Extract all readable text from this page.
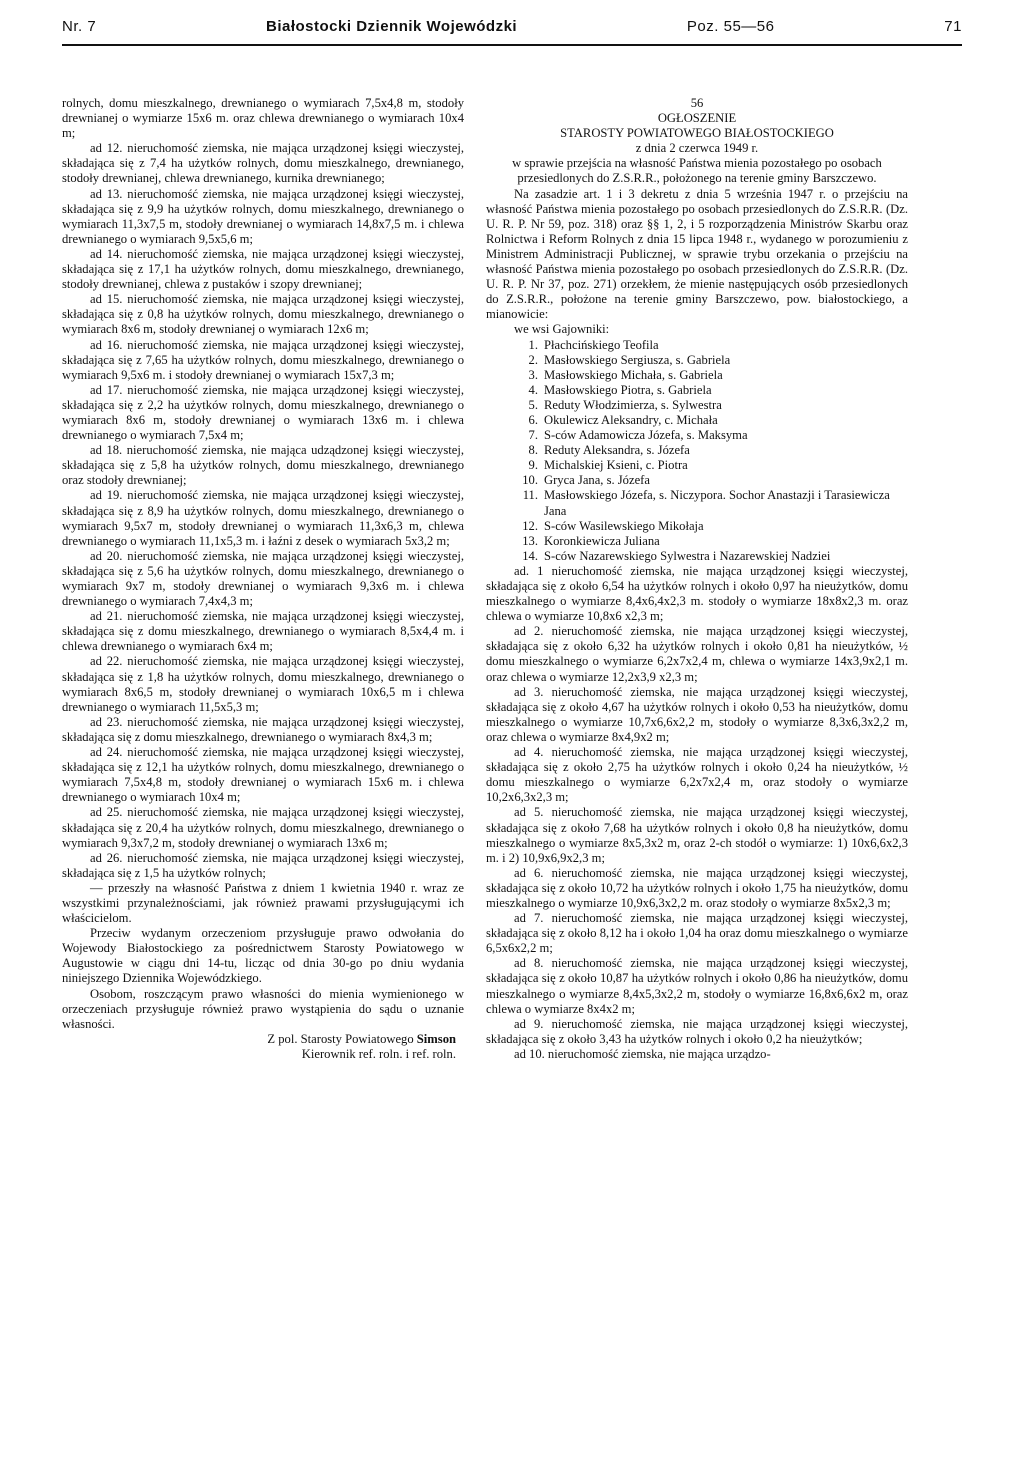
Nr. 7	Białostocki Dziennik Wojewódzki	Poz. 55—56	71

rolnych, domu mieszkalnego, drewnianego o wymiarach 7,5x4,8 m, stodoły drewnianej o wymiarze 15x6 m. oraz chlewa drewnianego o wymiarach 10x4 m;

ad 12. nieruchomość ziemska, nie mająca urządzonej księgi wieczystej, składająca się z 7,4 ha użytków rolnych, domu mieszkalnego, drewnianego, stodoły drewnianej, chlewa drewnianego, kurnika drewnianego;

ad 13. nieruchomość ziemska, nie mająca urządzonej księgi wieczystej, składająca się z 9,9 ha użytków rolnych, domu mieszkalnego, drewnianego o wymiarach 11,3x7,5 m, stodoły drewnianej o wymiarach 14,8x7,5 m. i chlewa drewnianego o wymiarach 9,5x5,6 m;

ad 14. nieruchomość ziemska, nie mająca urządzonej księgi wieczystej, składająca się z 17,1 ha użytków rolnych, domu mieszkalnego, drewnianego, stodoły drewnianej, chlewa z pustaków i szopy drewnianej;

ad 15. nieruchomość ziemska, nie mająca urządzonej księgi wieczystej, składająca się z 0,8 ha użytków rolnych, domu mieszkalnego, drewnianego o wymiarach 8x6 m, stodoły drewnianej o wymiarach 12x6 m;

ad 16. nieruchomość ziemska, nie mająca urządzonej księgi wieczystej, składająca się z 7,65 ha użytków rolnych, domu mieszkalnego, drewnianego o wymiarach 9,5x6 m. i stodoły drewnianej o wymiarach 15x7,3 m;

ad 17. nieruchomość ziemska, nie mająca urządzonej księgi wieczystej, składająca się z 2,2 ha użytków rolnych, domu mieszkalnego, drewnianego o wymiarach 8x6 m, stodoły drewnianej o wymiarach 13x6 m. i chlewa drewnianego o wymiarach 7,5x4 m;

ad 18. nieruchomość ziemska, nie mająca udządzonej księgi wieczystej, składająca się z 5,8 ha użytków rolnych, domu mieszkalnego, drewnianego oraz stodoły drewnianej;

ad 19. nieruchomość ziemska, nie mająca urządzonej księgi wieczystej, składająca się z 8,9 ha użytków rolnych, domu mieszkalnego, drewnianego o wymiarach 9,5x7 m, stodoły drewnianej o wymiarach 11,3x6,3 m, chlewa drewnianego o wymiarach 11,1x5,3 m. i łaźni z desek o wymiarach 5x3,2 m;

ad 20. nieruchomość ziemska, nie mająca urządzonej księgi wieczystej, składająca się z 5,6 ha użytków rolnych, domu mieszkalnego, drewnianego o wymiarach 9x7 m, stodoły drewnianej o wymiarach 9,3x6 m. i chlewa drewnianego o wymiarach 7,4x4,3 m;

ad 21. nieruchomość ziemska, nie mająca urządzonej księgi wieczystej, składająca się z domu mieszkalnego, drewnianego o wymiarach 8,5x4,4 m. i chlewa drewnianego o wymiarach 6x4 m;

ad 22. nieruchomość ziemska, nie mająca urządzonej księgi wieczystej, składająca się z 1,8 ha użytków rolnych, domu mieszkalnego, drewnianego o wymiarach 8x6,5 m, stodoły drewnianej o wymiarach 10x6,5 m i chlewa drewnianego o wymiarach 11,5x5,3 m;

ad 23. nieruchomość ziemska, nie mająca urządzonej księgi wieczystej, składająca się z domu mieszkalnego, drewnianego o wymiarach 8x4,3 m;

ad 24. nieruchomość ziemska, nie mająca urządzonej księgi wieczystej, składająca się z 12,1 ha użytków rolnych, domu mieszkalnego, drewnianego o wymiarach 7,5x4,8 m, stodoły drewnianej o wymiarach 15x6 m. i chlewa drewnianego o wymiarach 10x4 m;

ad 25. nieruchomość ziemska, nie mająca urządzonej księgi wieczystej, składająca się z 20,4 ha użytków rolnych, domu mieszkalnego, drewnianego o wymiarach 9,3x7,2 m, stodoły drewnianej o wymiarach 13x6 m;

ad 26. nieruchomość ziemska, nie mająca urządzonej księgi wieczystej, składająca się z 1,5 ha użytków rolnych;

— przeszły na własność Państwa z dniem 1 kwietnia 1940 r. wraz ze wszystkimi przynależnościami, jak również prawami przysługującymi ich właścicielom.

Przeciw wydanym orzeczeniom przysługuje prawo odwołania do Wojewody Białostockiego za pośrednictwem Starosty Powiatowego w Augustowie w ciągu dni 14-tu, licząc od dnia 30-go po dniu wydania niniejszego Dziennika Wojewódzkiego.

Osobom, roszczącym prawo własności do mienia wymienionego w orzeczeniach przysługuje również prawo wystąpienia do sądu o uznanie własności.

Z pol. Starosty Powiatowego Simson

Kierownik ref. roln. i ref. roln.

56

OGŁOSZENIE

STAROSTY POWIATOWEGO BIAŁOSTOCKIEGO

z dnia 2 czerwca 1949 r.

w sprawie przejścia na własność Państwa mienia pozostałego po osobach przesiedlonych do Z.S.R.R., położonego na terenie gminy Barszczewo.

Na zasadzie art. 1 i 3 dekretu z dnia 5 września 1947 r. o przejściu na własność Państwa mienia pozostałego po osobach przesiedlonych do Z.S.R.R. (Dz. U. R. P. Nr 59, poz. 318) oraz §§ 1, 2, i 5 rozporządzenia Ministrów Skarbu oraz Rolnictwa i Reform Rolnych z dnia 15 lipca 1948 r., wydanego w porozumieniu z Ministrem Administracji Publicznej, w sprawie trybu orzekania o przejściu na własność Państwa mienia pozostałego po osobach przesiedlonych do Z.S.R.R. (Dz. U. R. P. Nr 37, poz. 271) orzekłem, że mienie następujących osób przesiedlonych do Z.S.R.R., położone na terenie gminy Barszczewo, pow. białostockiego, a mianowicie:

we wsi Gajowniki:

1. Płachcińskiego Teofila
2. Masłowskiego Sergiusza, s. Gabriela
3. Masłowskiego Michała, s. Gabriela
4. Masłowskiego Piotra, s. Gabriela
5. Reduty Włodzimierza, s. Sylwestra
6. Okulewicz Aleksandry, c. Michała
7. S-ców Adamowicza Józefa, s. Maksyma
8. Reduty Aleksandra, s. Józefa
9. Michalskiej Ksieni, c. Piotra
10. Gryca Jana, s. Józefa
11. Masłowskiego Józefa, s. Niczypora. Sochor Anastazji i Tarasiewicza Jana
12. S-ców Wasilewskiego Mikołaja
13. Koronkiewicza Juliana
14. S-ców Nazarewskiego Sylwestra i Nazarewskiej Nadziei

ad. 1 nieruchomość ziemska, nie mająca urządzonej księgi wieczystej, składająca się z około 6,54 ha użytków rolnych i około 0,97 ha nieużytków, domu mieszkalnego o wymiarze 8,4x6,4x2,3 m. stodoły o wymiarze 18x8x2,3 m. oraz chlewa o wymiarze 10,8x6 x2,3 m;

ad 2. nieruchomość ziemska, nie mająca urządzonej księgi wieczystej, składająca się z około 6,32 ha użytków rolnych i około 0,81 ha nieużytków, ½ domu mieszkalnego o wymiarze 6,2x7x2,4 m, chlewa o wymiarze 14x3,9x2,1 m. oraz chlewa o wymiarze 12,2x3,9 x2,3 m;

ad 3. nieruchomość ziemska, nie mająca urządzonej księgi wieczystej, składająca się z około 4,67 ha użytków rolnych i około 0,53 ha nieużytków, domu mieszkalnego o wymiarze 10,7x6,6x2,2 m, stodoły o wymiarze 8,3x6,3x2,2 m, oraz chlewa o wymiarze 8x4,9x2 m;

ad 4. nieruchomość ziemska, nie mająca urządzonej księgi wieczystej, składająca się z około 2,75 ha użytków rolnych i około 0,24 ha nieużytków, ½ domu mieszkalnego o wymiarze 6,2x7x2,4 m, oraz stodoły o wymiarze 10,2x6,3x2,3 m;

ad 5. nieruchomość ziemska, nie mająca urządzonej księgi wieczystej, składająca się z około 7,68 ha użytków rolnych i około 0,8 ha nieużytków, domu mieszkalnego o wymiarze 8x5,3x2 m, oraz 2-ch stodół o wymiarze: 1) 10x6,6x2,3 m. i 2) 10,9x6,9x2,3 m;

ad 6. nieruchomość ziemska, nie mająca urządzonej księgi wieczystej, składająca się z około 10,72 ha użytków rolnych i około 1,75 ha nieużytków, domu mieszkalnego o wymiarze 10,9x6,3x2,2 m. oraz stodoły o wymiarze 8x5x2,3 m;

ad 7. nieruchomość ziemska, nie mająca urządzonej księgi wieczystej, składająca się z około 8,12 ha i około 1,04 ha oraz domu mieszkalnego o wymiarze 6,5x6x2,2 m;

ad 8. nieruchomość ziemska, nie mająca urządzonej księgi wieczystej, składająca się z około 10,87 ha użytków rolnych i około 0,86 ha nieużytków, domu mieszkalnego o wymiarze 8,4x5,3x2,2 m, stodoły o wymiarze 16,8x6,6x2 m, oraz chlewa o wymiarze 8x4x2 m;

ad 9. nieruchomość ziemska, nie mająca urządzonej księgi wieczystej, składająca się z około 3,43 ha użytków rolnych i około 0,2 ha nieużytków;

ad 10. nieruchomość ziemska, nie mająca urządzo-
